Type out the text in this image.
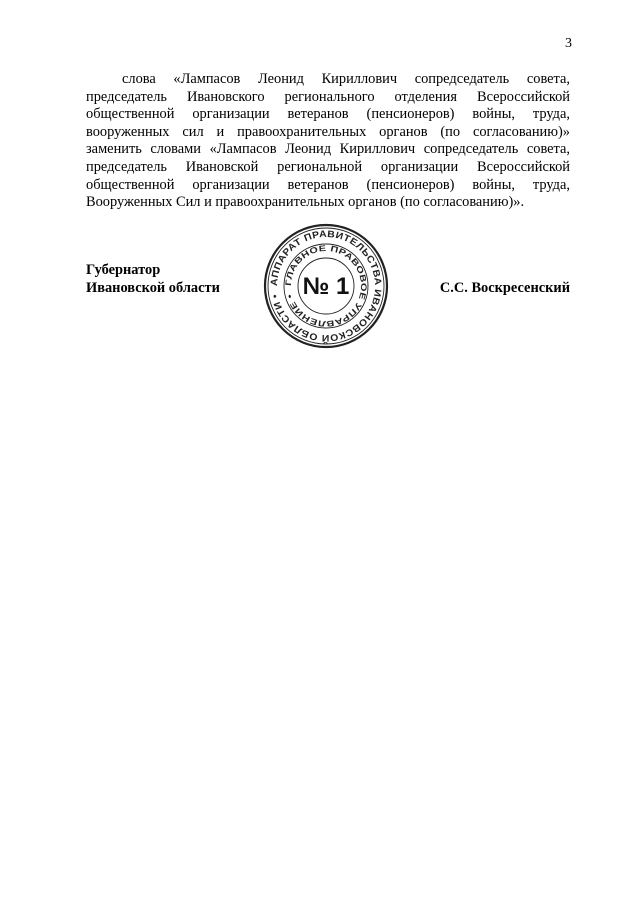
3

слова «Лампасов Леонид Кириллович сопредседатель совета, председатель Ивановского регионального отделения Всероссийской общественной организации ветеранов (пенсионеров) войны, труда, вооруженных сил и правоохранительных органов (по согласованию)» заменить словами «Лампасов Леонид Кириллович сопредседатель совета, председатель Ивановской региональной организации Всероссийской общественной организации ветеранов (пенсионеров) войны, труда, Вооруженных Сил и правоохранительных органов (по согласованию)».

Губернатор
Ивановской области	С.С. Воскресенский
АППАРАТ ПРАВИТЕЛЬСТВА ИВАНОВСКОЙ ОБЛАСТИ •
ГЛАВНОЕ ПРАВОВОЕ УПРАВЛЕНИЕ • № 1
